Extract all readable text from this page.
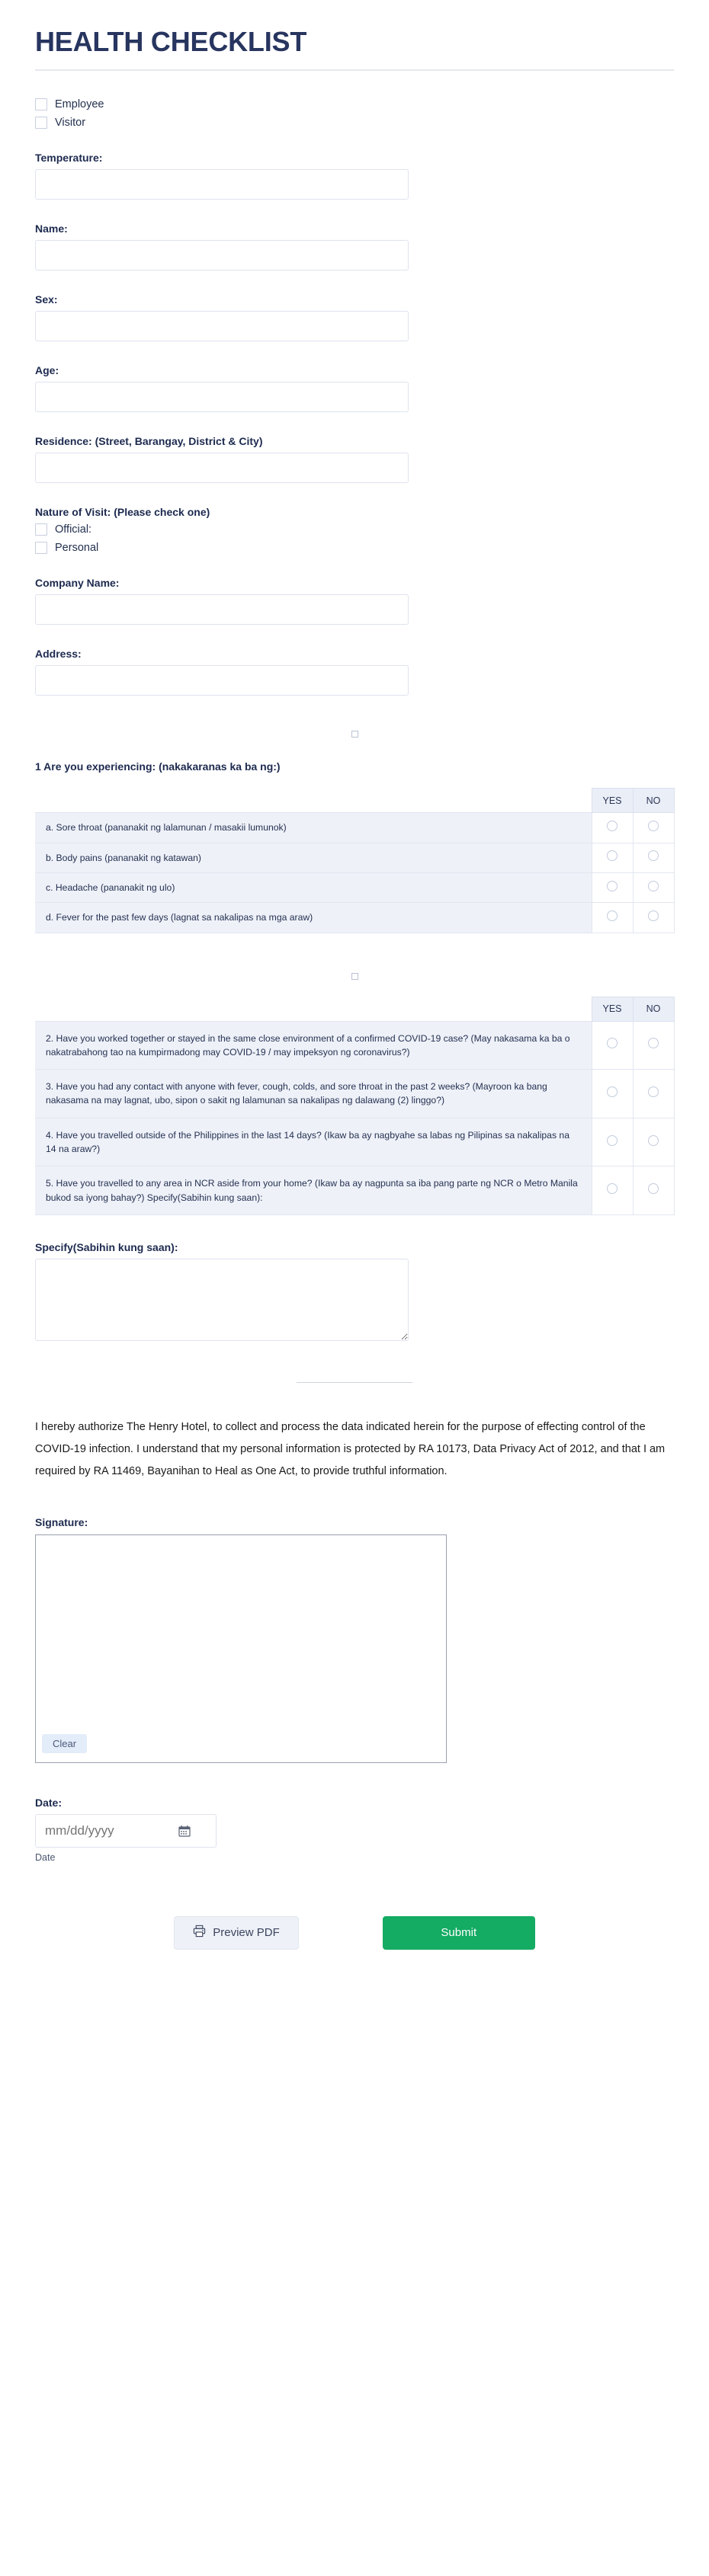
HEALTH CHECKLIST
Employee
Visitor
Temperature:
Name:
Sex:
Age:
Residence: (Street, Barangay, District & City)
Nature of Visit: (Please check one)
Official:
Personal
Company Name:
Address:
1 Are you experiencing: (nakakaranas ka ba ng:)
	YES	NO
a. Sore throat (pananakit ng lalamunan / masakii lumunok)		
b. Body pains (pananakit ng katawan)		
c. Headache (pananakit ng ulo)		
d. Fever for the past few days (lagnat sa nakalipas na mga araw)		
	YES	NO
2. Have you worked together or stayed in the same close environment of a confirmed COVID-19 case? (May nakasama ka ba o nakatrabahong tao na kumpirmadong may COVID-19 / may impeksyon ng coronavirus?)		
3. Have you had any contact with anyone with fever, cough, colds, and sore throat in the past 2 weeks? (Mayroon ka bang nakasama na may lagnat, ubo, sipon o sakit ng lalamunan sa nakalipas ng dalawang (2) linggo?)		
4. Have you travelled outside of the Philippines in the last 14 days? (Ikaw ba ay nagbyahe sa labas ng Pilipinas sa nakalipas na 14 na araw?)		
5. Have you travelled to any area in NCR aside from your home? (Ikaw ba ay nagpunta sa iba pang parte ng NCR o Metro Manila bukod sa iyong bahay?) Specify(Sabihin kung saan):		
Specify(Sabihin kung saan):

I hereby authorize The Henry Hotel, to collect and process the data indicated herein for the purpose of effecting control of the COVID-19 infection. I understand that my personal information is protected by RA 10173, Data Privacy Act of 2012, and that I am required by RA 11469, Bayanihan to Heal as One Act, to provide truthful information.

Signature:
Clear
Date:
mm/dd/yyyy
Date
Preview PDF	Submit
